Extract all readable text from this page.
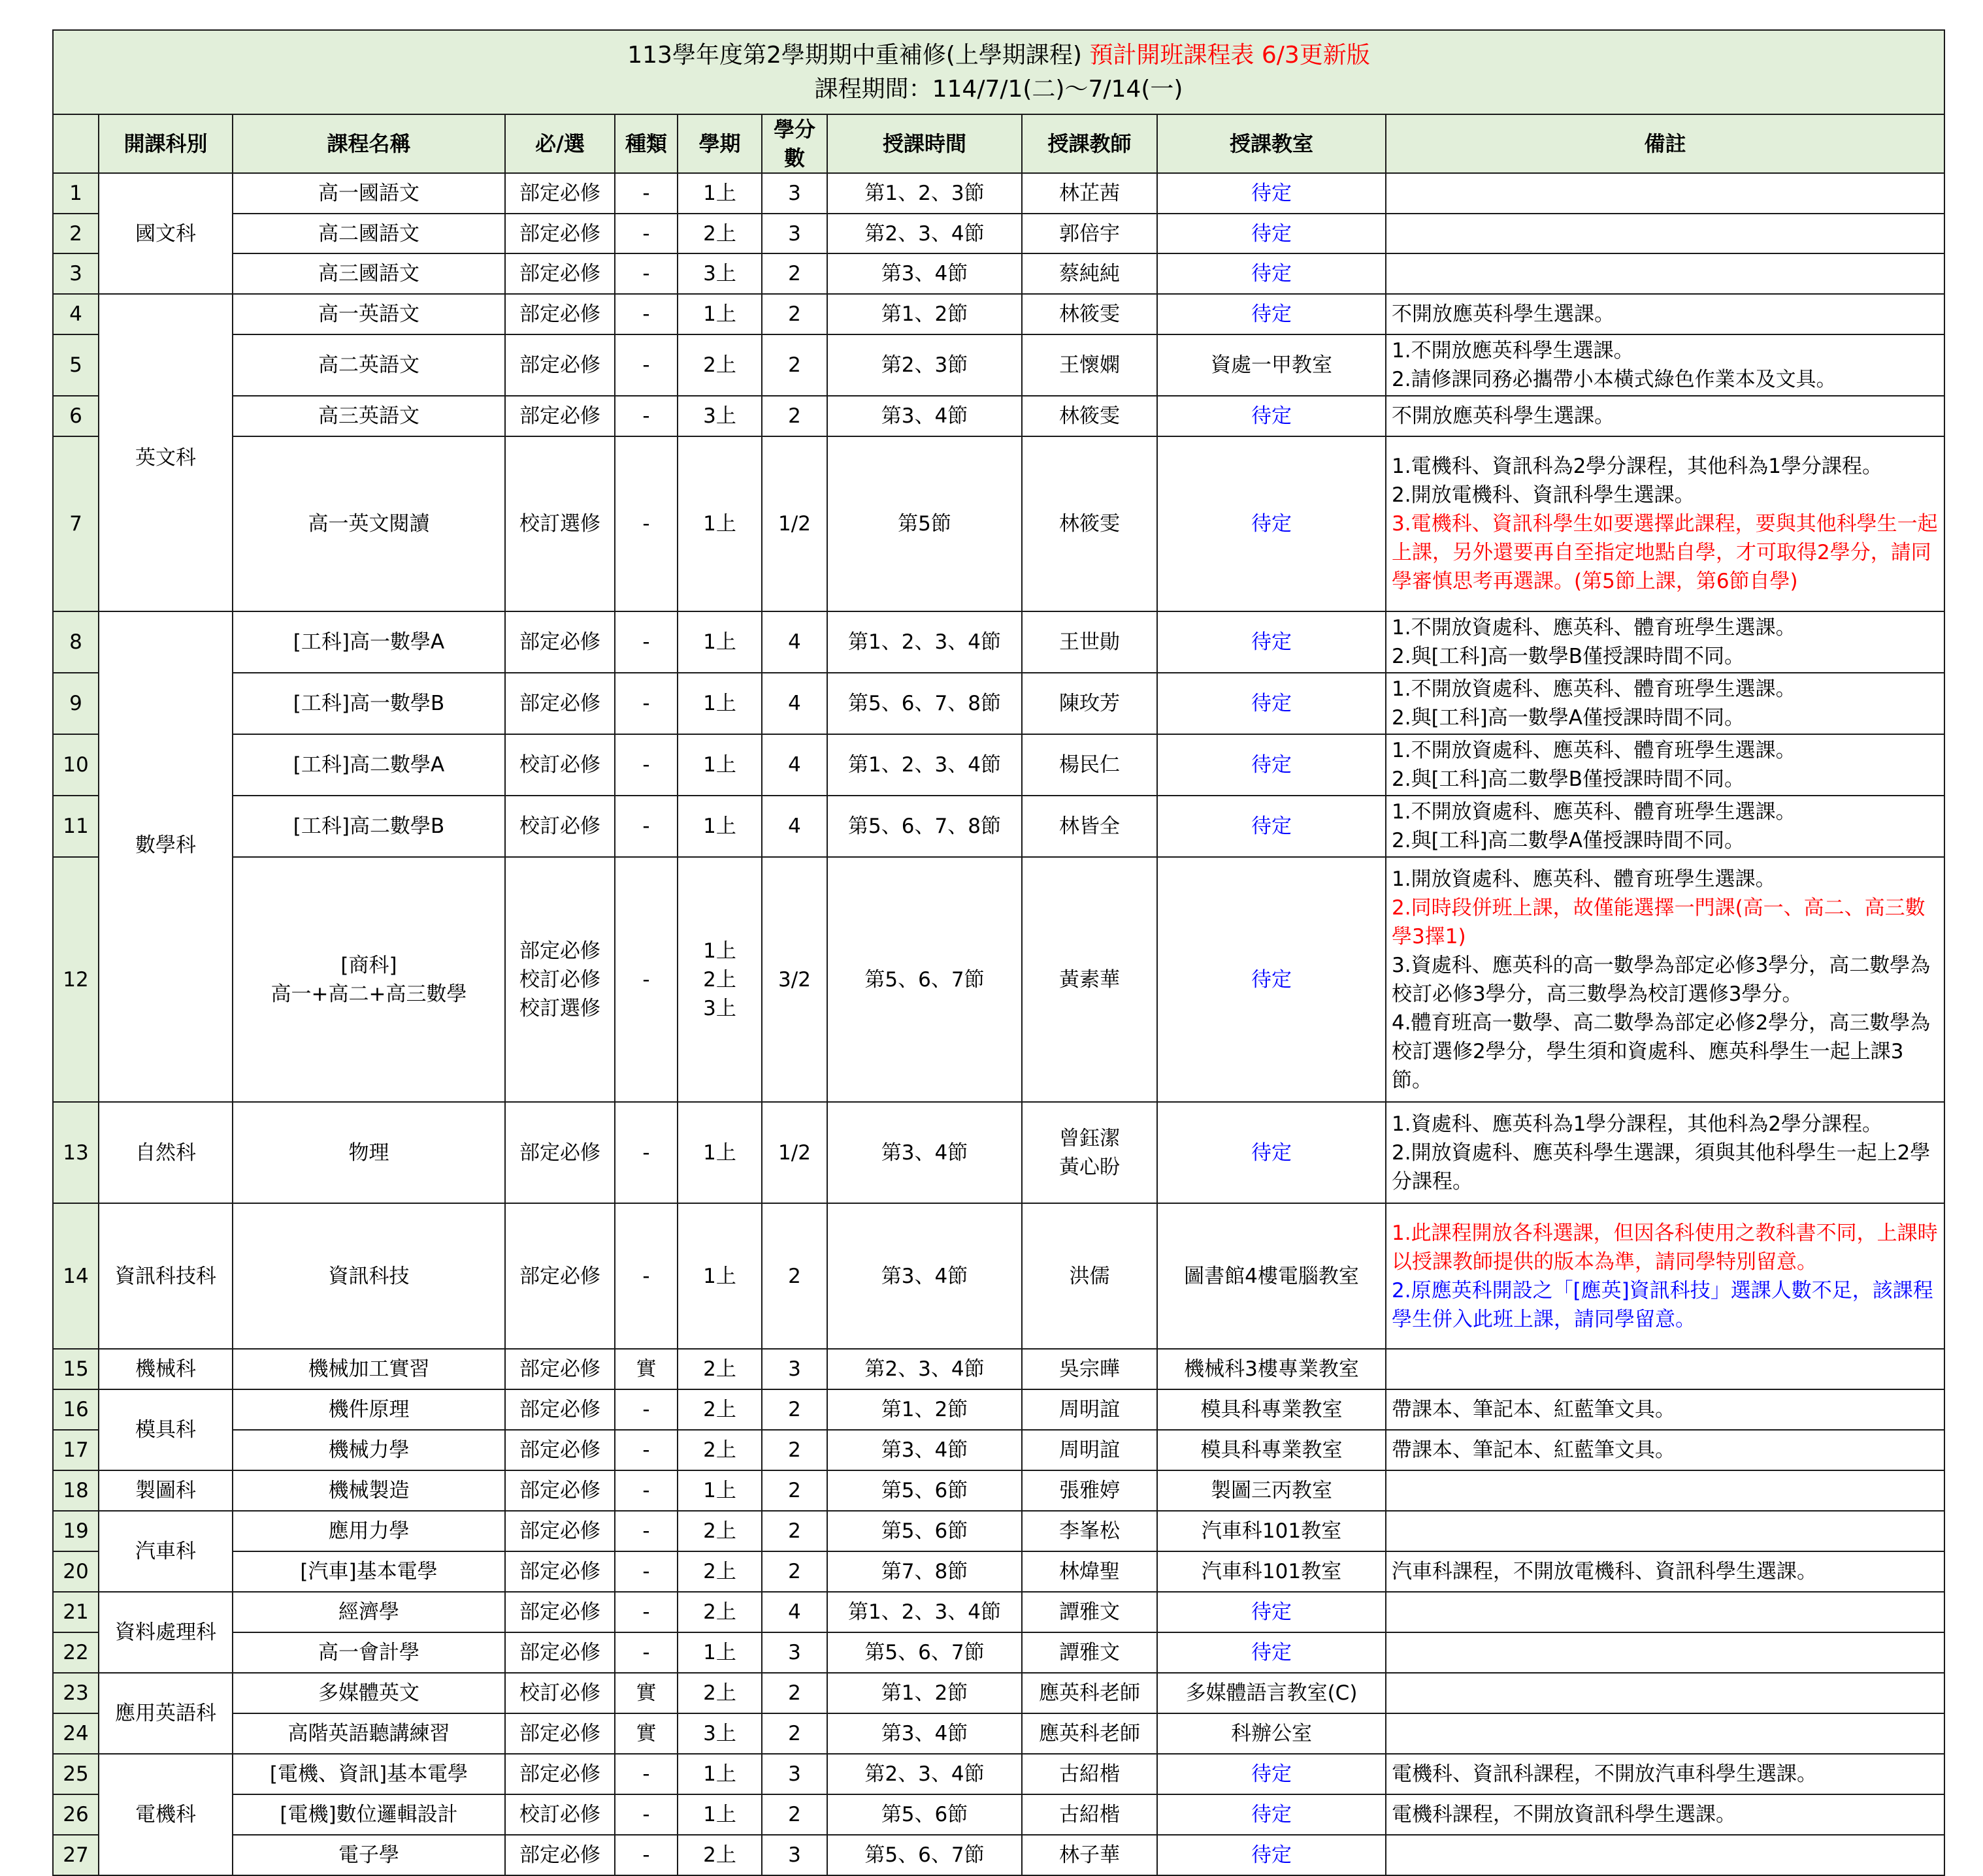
113學年度第2學期期中重補修(上學期課程) 預計開班課程表 6/3更新版
課程期間：114/7/1(二)～7/14(一)										

	開課科別	課程名稱	必/選	種類	學期	學分數	授課時間	授課教師	授課教室	備註
1	國文科	高一國語文	部定必修	-	1上	3	第1、2、3節	林芷茜	待定	
2		高二國語文	部定必修	-	2上	3	第2、3、4節	郭倍宇	待定	
3		高三國語文	部定必修	-	3上	2	第3、4節	蔡純純	待定	
4	英文科	高一英語文	部定必修	-	1上	2	第1、2節	林筱雯	待定	不開放應英科學生選課。

5		高二英語文	部定必修	-	2上	2	第2、3節	王懷嫻	資處一甲教室	1.不開放應英科學生選課。
2.請修課同務必攜帶小本橫式綠色作業本及文具。

6		高三英語文	部定必修	-	3上	2	第3、4節	林筱雯	待定	不開放應英科學生選課。

7		高一英文閱讀	校訂選修	-	1上	1/2	第5節	林筱雯	待定	1.電機科、資訊科為2學分課程，其他科為1學分課程。
2.開放電機科、資訊科學生選課。
3.電機科、資訊科學生如要選擇此課程，要與其他科學生一起上課，另外還要再自至指定地點自學，才可取得2學分，請同學審慎思考再選課。(第5節上課，第6節自學)

8	數學科	[工科]高一數學A	部定必修	-	1上	4	第1、2、3、4節	王世勛	待定	1.不開放資處科、應英科、體育班學生選課。
2.與[工科]高一數學B僅授課時間不同。

9		[工科]高一數學B	部定必修	-	1上	4	第5、6、7、8節	陳玫芳	待定	1.不開放資處科、應英科、體育班學生選課。
2.與[工科]高一數學A僅授課時間不同。

10		[工科]高二數學A	校訂必修	-	1上	4	第1、2、3、4節	楊民仁	待定	1.不開放資處科、應英科、體育班學生選課。
2.與[工科]高二數學B僅授課時間不同。

11		[工科]高二數學B	校訂必修	-	1上	4	第5、6、7、8節	林皆全	待定	1.不開放資處科、應英科、體育班學生選課。
2.與[工科]高二數學A僅授課時間不同。

12		[商科]
高一+高二+高三數學	部定必修
校訂必修
校訂選修	-	1上
2上
3上	3/2	第5、6、7節	黃素華	待定	1.開放資處科、應英科、體育班學生選課。
2.同時段併班上課，故僅能選擇一門課(高一、高二、高三數學3擇1)
3.資處科、應英科的高一數學為部定必修3學分，高二數學為校訂必修3學分，高三數學為校訂選修3學分。
4.體育班高一數學、高二數學為部定必修2學分，高三數學為校訂選修2學分，學生須和資處科、應英科學生一起上課3節。

13	自然科	物理	部定必修	-	1上	1/2	第3、4節	曾鈺潔
黃心盼	待定	1.資處科、應英科為1學分課程，其他科為2學分課程。
2.開放資處科、應英科學生選課，須與其他科學生一起上2學分課程。

14	資訊科技科	資訊科技	部定必修	-	1上	2	第3、4節	洪儒	圖書館4樓電腦教室	1.此課程開放各科選課，但因各科使用之教科書不同，上課時以授課教師提供的版本為準，請同學特別留意。
2.原應英科開設之「[應英]資訊科技」選課人數不足，該課程學生併入此班上課，請同學留意。

15	機械科	機械加工實習	部定必修	實	2上	3	第2、3、4節	吳宗曄	機械科3樓專業教室	
16	模具科	機件原理	部定必修	-	2上	2	第1、2節	周明誼	模具科專業教室	帶課本、筆記本、紅藍筆文具。

17		機械力學	部定必修	-	2上	2	第3、4節	周明誼	模具科專業教室	帶課本、筆記本、紅藍筆文具。

18	製圖科	機械製造	部定必修	-	1上	2	第5、6節	張雅婷	製圖三丙教室	
19	汽車科	應用力學	部定必修	-	2上	2	第5、6節	李峯松	汽車科101教室	
20		[汽車]基本電學	部定必修	-	2上	2	第7、8節	林煒聖	汽車科101教室	汽車科課程，不開放電機科、資訊科學生選課。

21	資料處理科	經濟學	部定必修	-	2上	4	第1、2、3、4節	譚雅文	待定	
22		高一會計學	部定必修	-	1上	3	第5、6、7節	譚雅文	待定	
23	應用英語科	多媒體英文	校訂必修	實	2上	2	第1、2節	應英科老師	多媒體語言教室(C)	
24		高階英語聽講練習	部定必修	實	3上	2	第3、4節	應英科老師	科辦公室	
25	電機科	[電機、資訊]基本電學	部定必修	-	1上	3	第2、3、4節	古紹楷	待定	電機科、資訊科課程，不開放汽車科學生選課。

26		[電機]數位邏輯設計	校訂必修	-	1上	2	第5、6節	古紹楷	待定	電機科課程，不開放資訊科學生選課。

27		電子學	部定必修	-	2上	3	第5、6、7節	林子華	待定	
